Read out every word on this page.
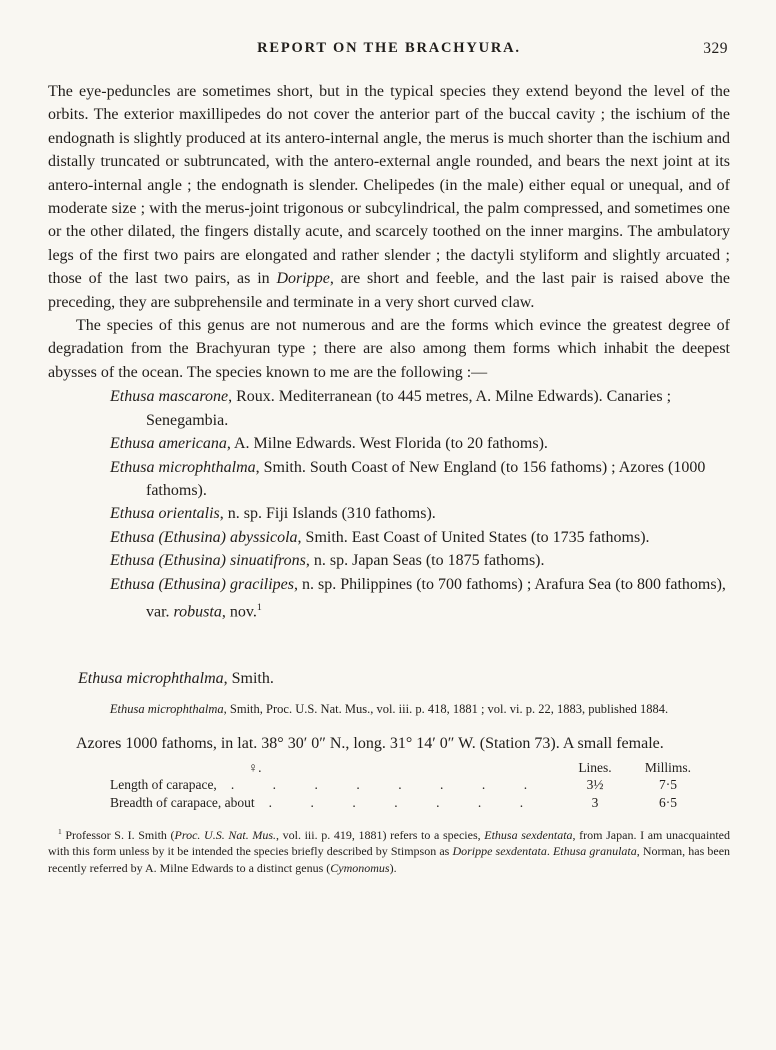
REPORT ON THE BRACHYURA.	329

The eye-peduncles are sometimes short, but in the typical species they extend beyond the level of the orbits. The exterior maxillipedes do not cover the anterior part of the buccal cavity ; the ischium of the endognath is slightly produced at its antero-internal angle, the merus is much shorter than the ischium and distally truncated or subtruncated, with the antero-external angle rounded, and bears the next joint at its antero-internal angle ; the endognath is slender. Chelipedes (in the male) either equal or unequal, and of moderate size ; with the merus-joint trigonous or subcylindrical, the palm compressed, and sometimes one or the other dilated, the fingers distally acute, and scarcely toothed on the inner margins. The ambulatory legs of the first two pairs are elongated and rather slender ; the dactyli styliform and slightly arcuated ; those of the last two pairs, as in Dorippe, are short and feeble, and the last pair is raised above the preceding, they are subprehensile and terminate in a very short curved claw.

The species of this genus are not numerous and are the forms which evince the greatest degree of degradation from the Brachyuran type ; there are also among them forms which inhabit the deepest abysses of the ocean. The species known to me are the following :—

Ethusa mascarone, Roux. Mediterranean (to 445 metres, A. Milne Edwards). Canaries ; Senegambia.
Ethusa americana, A. Milne Edwards. West Florida (to 20 fathoms).
Ethusa microphthalma, Smith. South Coast of New England (to 156 fathoms) ; Azores (1000 fathoms).
Ethusa orientalis, n. sp. Fiji Islands (310 fathoms).
Ethusa (Ethusina) abyssicola, Smith. East Coast of United States (to 1735 fathoms).
Ethusa (Ethusina) sinuatifrons, n. sp. Japan Seas (to 1875 fathoms).
Ethusa (Ethusina) gracilipes, n. sp. Philippines (to 700 fathoms) ; Arafura Sea (to 800 fathoms), var. robusta, nov.$^1$
Ethusa microphthalma, Smith.

Ethusa microphthalma, Smith, Proc. U.S. Nat. Mus., vol. iii. p. 418, 1881 ; vol. vi. p. 22, 1883, published 1884.

Azores 1000 fathoms, in lat. 38° 30′ 0″ N., long. 31° 14′ 0″ W. (Station 73). A small female.

♀.	Lines.	Millims.
Length of carapace,	. . . . . . . .	3½	7·5
Breadth of carapace, about	. . . . . . .	3	6·5

$^1$ Professor S. I. Smith (Proc. U.S. Nat. Mus., vol. iii. p. 419, 1881) refers to a species, Ethusa sexdentata, from Japan. I am unacquainted with this form unless by it be intended the species briefly described by Stimpson as Dorippe sexdentata. Ethusa granulata, Norman, has been recently referred by A. Milne Edwards to a distinct genus (Cymonomus).
